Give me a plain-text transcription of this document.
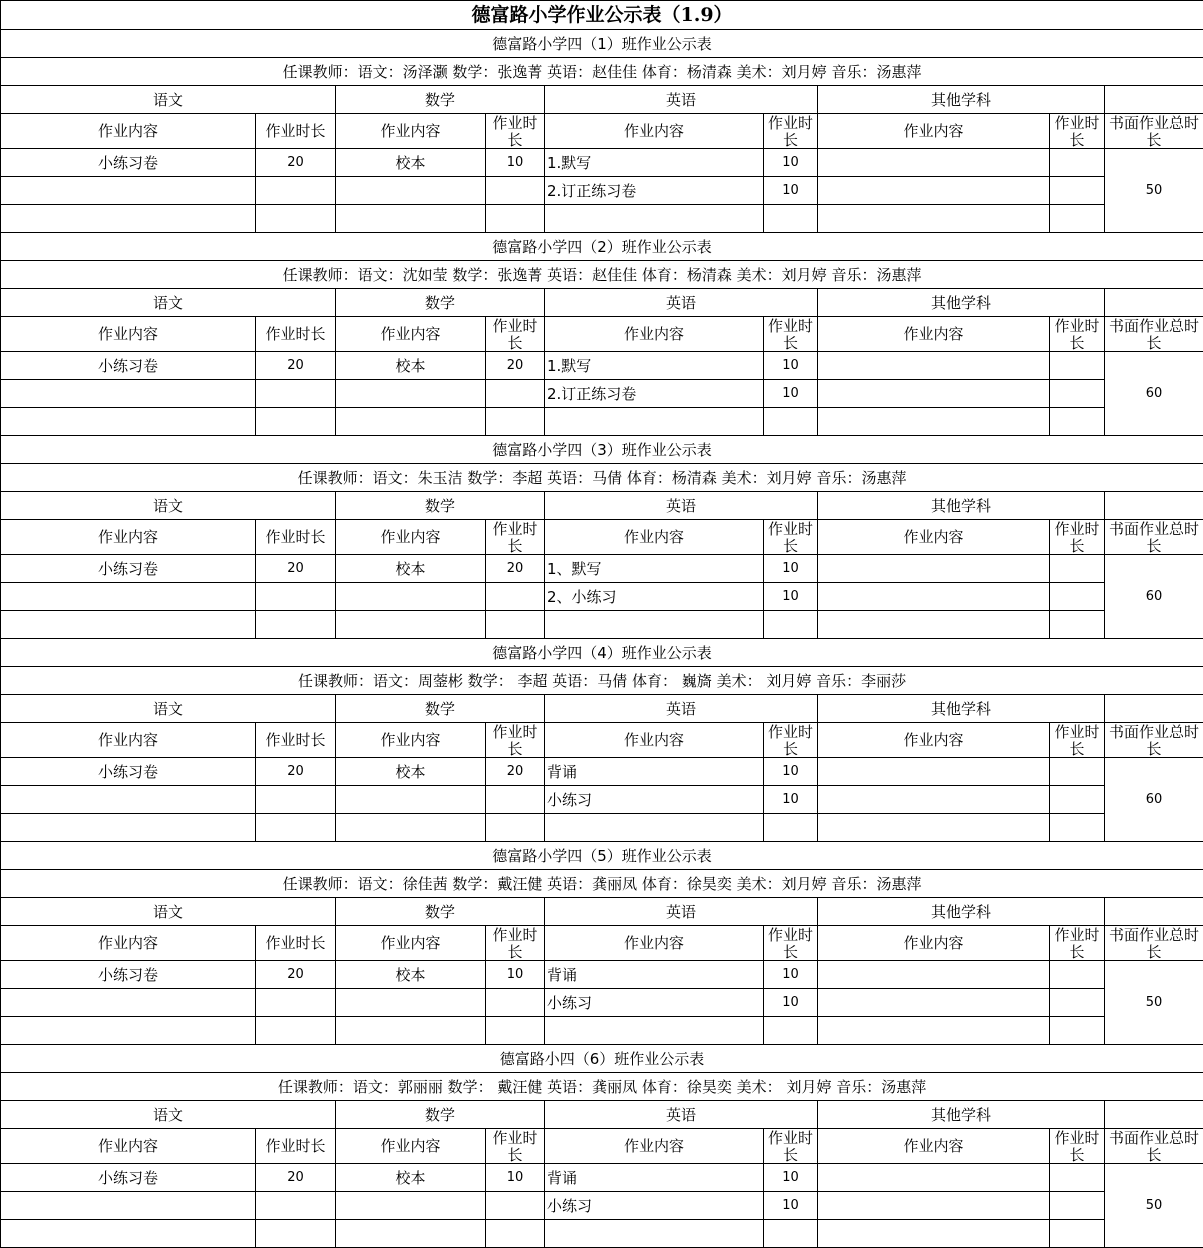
德富路小学作业公示表（1.9）								
德富路小学四（1）班作业公示表								
任课教师：语文：汤泽灏 数学：张逸菁 英语：赵佳佳 体育：杨清森 美术：刘月婷 音乐：汤惠萍								
语文		数学		英语		其他学科		
作业内容	作业时长	作业内容	作业时长	作业内容	作业时长	作业内容	作业时长	书面作业总时长

小练习卷	20	校本	10	1.默写	10			50
				2.订正练习卷	10			

德富路小学四（2）班作业公示表								
任课教师：语文：沈如莹 数学：张逸菁 英语：赵佳佳 体育：杨清森 美术：刘月婷 音乐：汤惠萍								
语文		数学		英语		其他学科		
作业内容	作业时长	作业内容	作业时长	作业内容	作业时长	作业内容	作业时长	书面作业总时长

小练习卷	20	校本	20	1.默写	10			60
				2.订正练习卷	10			

德富路小学四（3）班作业公示表								
任课教师：语文：朱玉洁 数学：李超 英语：马倩 体育：杨清森 美术：刘月婷 音乐：汤惠萍								
语文		数学		英语		其他学科		
作业内容	作业时长	作业内容	作业时长	作业内容	作业时长	作业内容	作业时长	书面作业总时长

小练习卷	20	校本	20	1、默写	10			60
				2、小练习	10			

德富路小学四（4）班作业公示表								
任课教师：语文：周蓥彬 数学： 李超 英语：马倩 体育： 巍旖 美术： 刘月婷 音乐：李丽莎								
语文		数学		英语		其他学科		
作业内容	作业时长	作业内容	作业时长	作业内容	作业时长	作业内容	作业时长	书面作业总时长

小练习卷	20	校本	20	背诵	10			60
				小练习	10			

德富路小学四（5）班作业公示表								
任课教师：语文：徐佳茜 数学：戴汪健 英语：龚丽凤 体育：徐昊奕 美术：刘月婷 音乐：汤惠萍								
语文		数学		英语		其他学科		
作业内容	作业时长	作业内容	作业时长	作业内容	作业时长	作业内容	作业时长	书面作业总时长

小练习卷	20	校本	10	背诵	10			50
				小练习	10			

德富路小四（6）班作业公示表								
任课教师：语文：郭丽丽 数学： 戴汪健 英语：龚丽凤 体育：徐昊奕 美术： 刘月婷 音乐：汤惠萍								
语文		数学		英语		其他学科		
作业内容	作业时长	作业内容	作业时长	作业内容	作业时长	作业内容	作业时长	书面作业总时长

小练习卷	20	校本	10	背诵	10			50
				小练习	10			
